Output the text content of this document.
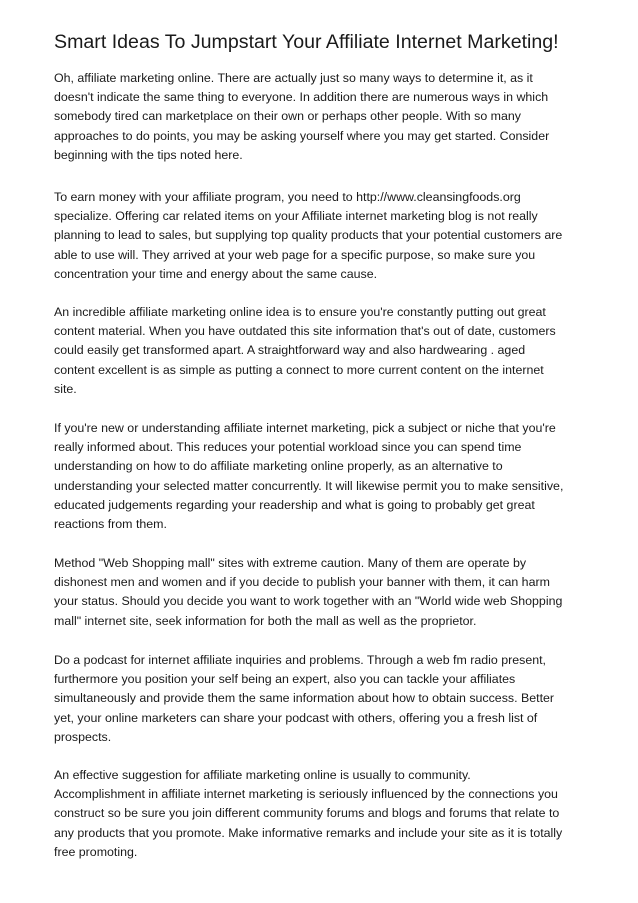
Smart Ideas To Jumpstart Your Affiliate Internet Marketing!

Oh, affiliate marketing online. There are actually just so many ways to determine it, as it
doesn't indicate the same thing to everyone. In addition there are numerous ways in which
somebody tired can marketplace on their own or perhaps other people. With so many
approaches to do points, you may be asking yourself where you may get started. Consider
beginning with the tips noted here.

To earn money with your affiliate program, you need to http://www.cleansingfoods.org
specialize. Offering car related items on your Affiliate internet marketing blog is not really
planning to lead to sales, but supplying top quality products that your potential customers are
able to use will. They arrived at your web page for a specific purpose, so make sure you
concentration your time and energy about the same cause.

An incredible affiliate marketing online idea is to ensure you're constantly putting out great
content material. When you have outdated this site information that's out of date, customers
could easily get transformed apart. A straightforward way and also hardwearing . aged
content excellent is as simple as putting a connect to more current content on the internet
site.

If you're new or understanding affiliate internet marketing, pick a subject or niche that you're
really informed about. This reduces your potential workload since you can spend time
understanding on how to do affiliate marketing online properly, as an alternative to
understanding your selected matter concurrently. It will likewise permit you to make sensitive,
educated judgements regarding your readership and what is going to probably get great
reactions from them.

Method "Web Shopping mall" sites with extreme caution. Many of them are operate by
dishonest men and women and if you decide to publish your banner with them, it can harm
your status. Should you decide you want to work together with an "World wide web Shopping
mall" internet site, seek information for both the mall as well as the proprietor.

Do a podcast for internet affiliate inquiries and problems. Through a web fm radio present,
furthermore you position your self being an expert, also you can tackle your affiliates
simultaneously and provide them the same information about how to obtain success. Better
yet, your online marketers can share your podcast with others, offering you a fresh list of
prospects.

An effective suggestion for affiliate marketing online is usually to community.
Accomplishment in affiliate internet marketing is seriously influenced by the connections you
construct so be sure you join different community forums and blogs and forums that relate to
any products that you promote. Make informative remarks and include your site as it is totally
free promoting.
